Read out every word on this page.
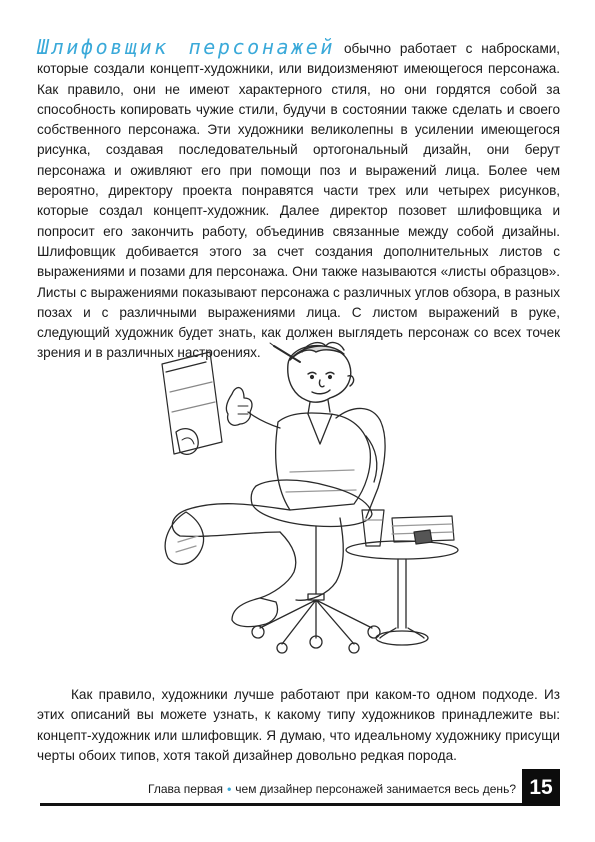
Шлифовщик персонажей обычно работает с набросками, которые создали концепт-художники, или видоизменяют имеющегося персонажа. Как правило, они не имеют характерного стиля, но они гордятся собой за способность копировать чужие стили, будучи в состоянии также сделать и своего собственного персонажа. Эти художники великолепны в усилении имеющегося рисунка, создавая последовательный ортогональный дизайн, они берут персонажа и оживляют его при помощи поз и выражений лица. Более чем вероятно, директору проекта понравятся части трех или четырех рисунков, которые создал концепт-художник. Далее директор позовет шлифовщика и попросит его закончить работу, объединив связанные между собой дизайны. Шлифовщик добивается этого за счет создания дополнительных листов с выражениями и позами для персонажа. Они также называются «листы образцов». Листы с выражениями показывают персонажа с различных углов обзора, в разных позах и с различными выражениями лица. С листом выражений в руке, следующий художник будет знать, как должен выглядеть персонаж со всех точек зрения и в различных настроениях.

Как правило, художники лучше работают при каком-то одном подходе. Из этих описаний вы можете узнать, к какому типу художников принадлежите вы: концепт-художник или шлифовщик. Я думаю, что идеальному художнику присущи черты обоих типов, хотя такой дизайнер довольно редкая порода.

Глава первая • чем дизайнер персонажей занимается весь день? 15
